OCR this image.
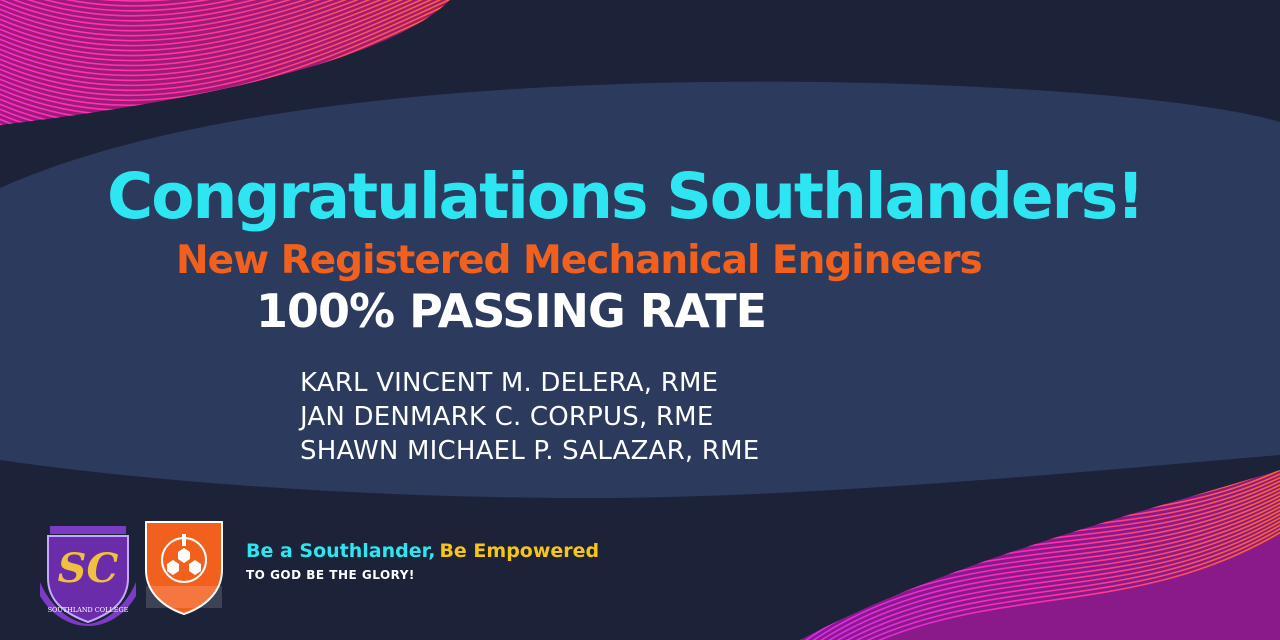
Congratulations Southlanders!
New Registered Mechanical Engineers
100% PASSING RATE
KARL VINCENT M. DELERA, RME
JAN DENMARK C. CORPUS, RME
SHAWN MICHAEL P. SALAZAR, RME
SC
SOUTHLAND COLLEGE
Be a Southlander, Be Empowered
TO GOD BE THE GLORY!
